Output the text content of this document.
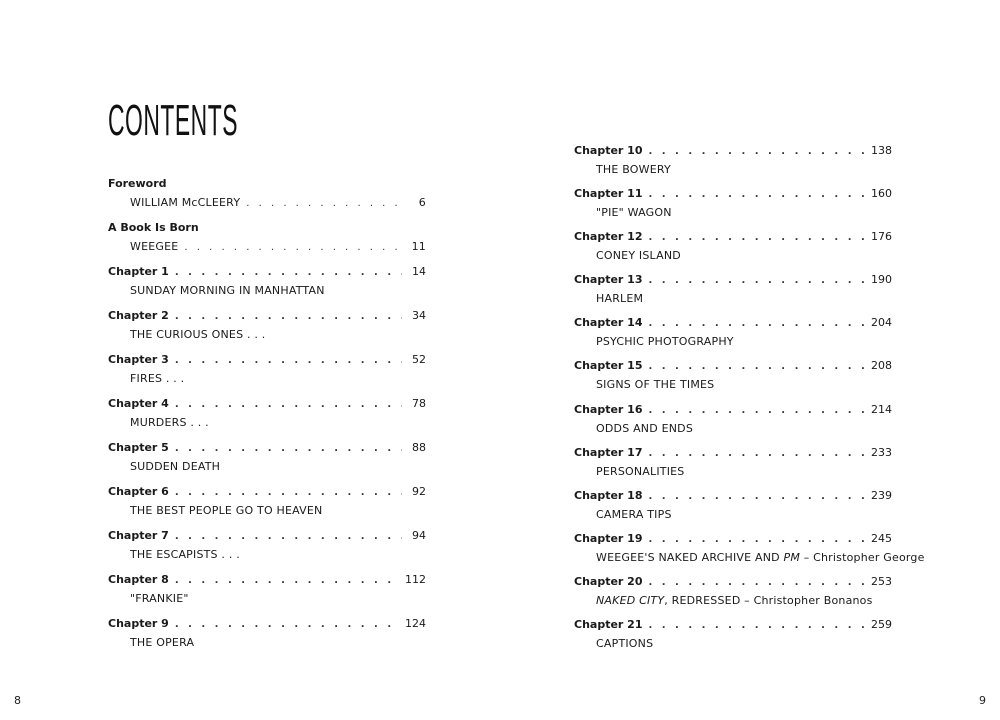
CONTENTS
Foreword
WILLIAM McCLEERY . . .	6
A Book Is Born
WEEGEE . . .	11
Chapter 1 . . .	14
SUNDAY MORNING IN MANHATTAN
Chapter 2 . . .	34
THE CURIOUS ONES . . .
Chapter 3 . . .	52
FIRES . . .
Chapter 4 . . .	78
MURDERS . . .
Chapter 5 . . .	88
SUDDEN DEATH
Chapter 6 . . .	92
THE BEST PEOPLE GO TO HEAVEN
Chapter 7 . . .	94
THE ESCAPISTS . . .
Chapter 8 . . .	112
"FRANKIE"
Chapter 9 . . .	124
THE OPERA
Chapter 10 . . .	138
THE BOWERY
Chapter 11 . . .	160
"PIE" WAGON
Chapter 12 . . .	176
CONEY ISLAND
Chapter 13 . . .	190
HARLEM
Chapter 14 . . .	204
PSYCHIC PHOTOGRAPHY
Chapter 15 . . .	208
SIGNS OF THE TIMES
Chapter 16 . . .	214
ODDS AND ENDS
Chapter 17 . . .	233
PERSONALITIES
Chapter 18 . . .	239
CAMERA TIPS
Chapter 19 . . .	245
WEEGEE'S NAKED ARCHIVE AND PM – Christopher George
Chapter 20 . . .	253
NAKED CITY, REDRESSED – Christopher Bonanos
Chapter 21 . . .	259
CAPTIONS
8	9
